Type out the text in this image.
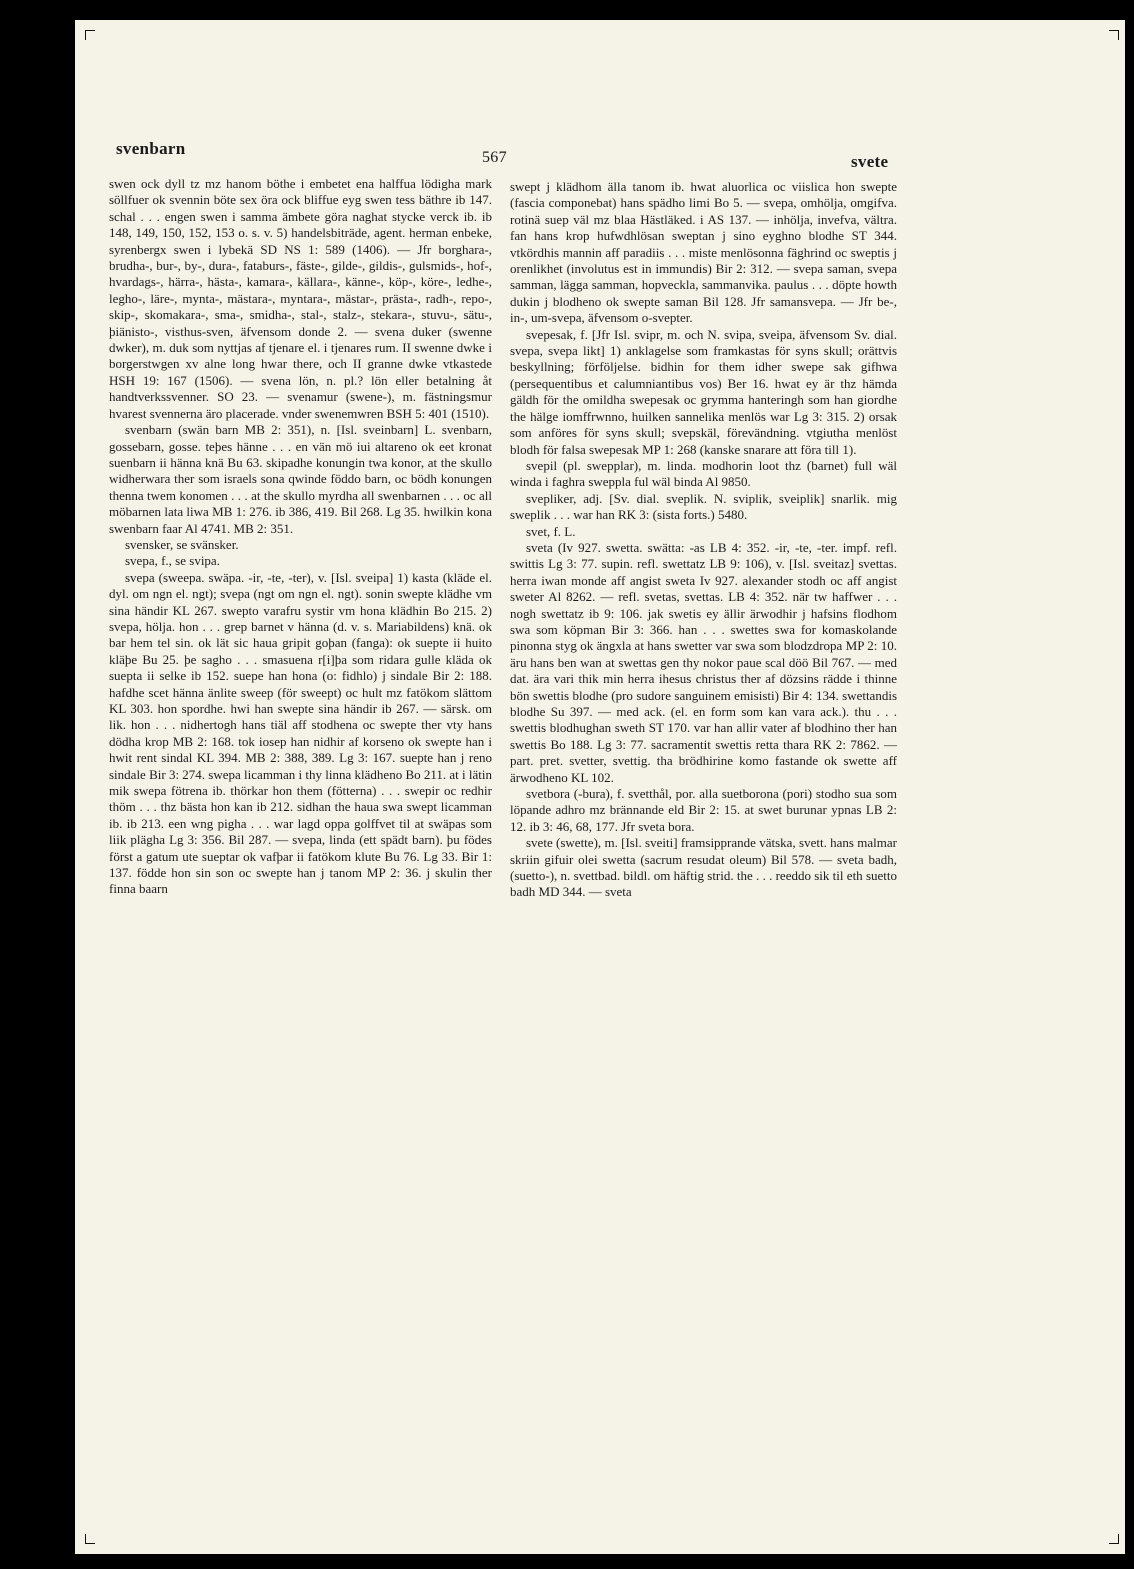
svenbarn	567	svete

swen ock dyll tz mz hanom böthe i embetet ena halffua lödigha mark söllfuer ok svennin böte sex öra ock bliffue eyg swen tess bäthre ib 147. schal . . . engen swen i samma ämbete göra naghat stycke verck ib. ib 148, 149, 150, 152, 153 o. s. v. 5) handelsbiträde, agent. herman enbeke, syrenbergx swen i lybekä SD NS 1: 589 (1406). — Jfr borghara-, brudha-, bur-, by-, dura-, fataburs-, fäste-, gilde-, gildis-, gulsmids-, hof-, hvardags-, härra-, hästa-, kamara-, källara-, känne-, köp-, köre-, ledhe-, legho-, läre-, mynta-, mästara-, myntara-, mästar-, prästa-, radh-, repo-, skip-, skomakara-, sma-, smidha-, stal-, stalz-, stekara-, stuvu-, sätu-, þiänisto-, visthus-sven, äfvensom donde 2. — svena duker (swenne dwker), m. duk som nyttjas af tjenare el. i tjenares rum. II swenne dwke i borgerstwgen xv alne long hwar there, och II granne dwke vtkastede HSH 19: 167 (1506). — svena lön, n. pl.? lön eller betalning åt handtverkssvenner. SO 23. — svenamur (swene-), m. fästningsmur hvarest svennerna äro placerade. vnder swenemwren BSH 5: 401 (1510).

svenbarn (swän barn MB 2: 351), n. [Isl. sveinbarn] L. svenbarn, gossebarn, gosse. teþes hänne . . . en vän mö iui altareno ok eet kronat suenbarn ii hänna knä Bu 63. skipadhe konungin twa konor, at the skullo widherwara ther som israels sona qwinde föddo barn, oc bödh konungen thenna twem konomen . . . at the skullo myrdha all swenbarnen . . . oc all möbarnen lata liwa MB 1: 276. ib 386, 419. Bil 268. Lg 35. hwilkin kona swenbarn faar Al 4741. MB 2: 351.

svensker, se svänsker.

svepa, f., se svipa.

svepa (sweepa. swäpa. -ir, -te, -ter), v. [Isl. sveipa] 1) kasta (kläde el. dyl. om ngn el. ngt); svepa (ngt om ngn el. ngt). sonin swepte klädhe vm sina händir KL 267. swepto varafru systir vm hona klädhin Bo 215. 2) svepa, hölja. hon . . . grep barnet v hänna (d. v. s. Mariabildens) knä. ok bar hem tel sin. ok lät sic haua gripit goþan (fanga): ok suepte ii huito kläþe Bu 25. þe sagho . . . smasuena r[i]þa som ridara gulle kläda ok suepta ii selke ib 152. suepe han hona (o: fidhlo) j sindale Bir 2: 188. hafdhe scet hänna änlite sweep (för sweept) oc hult mz fatökom slättom KL 303. hon spordhe. hwi han swepte sina händir ib 267. — särsk. om lik. hon . . . nidhertogh hans tiäl aff stodhena oc swepte ther vty hans dödha krop MB 2: 168. tok iosep han nidhir af korseno ok swepte han i hwit rent sindal KL 394. MB 2: 388, 389. Lg 3: 167. suepte han j reno sindale Bir 3: 274. swepa licamman i thy linna klädheno Bo 211. at i lätin mik swepa fötrena ib. thörkar hon them (fötterna) . . . swepir oc redhir thöm . . . thz bästa hon kan ib 212. sidhan the haua swa swept licamman ib. ib 213. een wng pigha . . . war lagd oppa golffvet til at swäpas som liik plägha Lg 3: 356. Bil 287. — svepa, linda (ett spädt barn). þu födes först a gatum ute sueptar ok vafþar ii fatökom klute Bu 76. Lg 33. Bir 1: 137. födde hon sin son oc swepte han j tanom MP 2: 36. j skulin ther finna baarn

swept j klädhom älla tanom ib. hwat aluorlica oc viislica hon swepte (fascia componebat) hans spädho limi Bo 5. — svepa, omhölja, omgifva. rotinä suep väl mz blaa Hästläked. i AS 137. — inhölja, invefva, vältra. fan hans krop hufwdhlösan sweptan j sino eyghno blodhe ST 344. vtkördhis mannin aff paradiis . . . miste menlösonna fäghrind oc sweptis j orenlikhet (involutus est in immundis) Bir 2: 312. — svepa saman, svepa samman, lägga samman, hopveckla, sammanvika. paulus . . . döpte howth dukin j blodheno ok swepte saman Bil 128. Jfr samansvepa. — Jfr be-, in-, um-svepa, äfvensom o-svepter.

svepesak, f. [Jfr Isl. svipr, m. och N. svipa, sveipa, äfvensom Sv. dial. svepa, svepa likt] 1) anklagelse som framkastas för syns skull; orättvis beskyllning; förföljelse. bidhin for them idher swepe sak gifhwa (persequentibus et calumniantibus vos) Ber 16. hwat ey är thz hämda gäldh för the omildha swepesak oc grymma hanteringh som han giordhe the hälge iomffrwnno, huilken sannelika menlös war Lg 3: 315. 2) orsak som anföres för syns skull; svepskäl, förevändning. vtgiutha menlöst blodh för falsa swepesak MP 1: 268 (kanske snarare att föra till 1).

svepil (pl. swepplar), m. linda. modhorin loot thz (barnet) full wäl winda i faghra sweppla ful wäl binda Al 9850.

svepliker, adj. [Sv. dial. sveplik. N. sviplik, sveiplik] snarlik. mig sweplik . . . war han RK 3: (sista forts.) 5480.

svet, f. L.

sveta (Iv 927. swetta. swätta: -as LB 4: 352. -ir, -te, -ter. impf. refl. swittis Lg 3: 77. supin. refl. swettatz LB 9: 106), v. [Isl. sveitaz] svettas. herra iwan monde aff angist sweta Iv 927. alexander stodh oc aff angist sweter Al 8262. — refl. svetas, svettas. LB 4: 352. när tw haffwer . . . nogh swettatz ib 9: 106. jak swetis ey ällir ärwodhir j hafsins flodhom swa som köpman Bir 3: 366. han . . . swettes swa for komaskolande pinonna styg ok ängxla at hans swetter var swa som blodzdropa MP 2: 10. äru hans ben wan at swettas gen thy nokor paue scal döö Bil 767. — med dat. ära vari thik min herra ihesus christus ther af dözsins rädde i thinne bön swettis blodhe (pro sudore sanguinem emisisti) Bir 4: 134. swettandis blodhe Su 397. — med ack. (el. en form som kan vara ack.). thu . . . swettis blodhughan sweth ST 170. var han allir vater af blodhino ther han swettis Bo 188. Lg 3: 77. sacramentit swettis retta thara RK 2: 7862. — part. pret. svetter, svettig. tha brödhirine komo fastande ok swette aff ärwodheno KL 102.

svetbora (-bura), f. svetthål, por. alla suetborona (pori) stodho sua som löpande adhro mz brännande eld Bir 2: 15. at swet burunar ypnas LB 2: 12. ib 3: 46, 68, 177. Jfr sveta bora.

svete (swette), m. [Isl. sveiti] framsipprande vätska, svett. hans malmar skriin gifuir olei swetta (sacrum resudat oleum) Bil 578. — sveta badh, (suetto-), n. svettbad. bildl. om häftig strid. the . . . reeddo sik til eth suetto badh MD 344. — sveta
